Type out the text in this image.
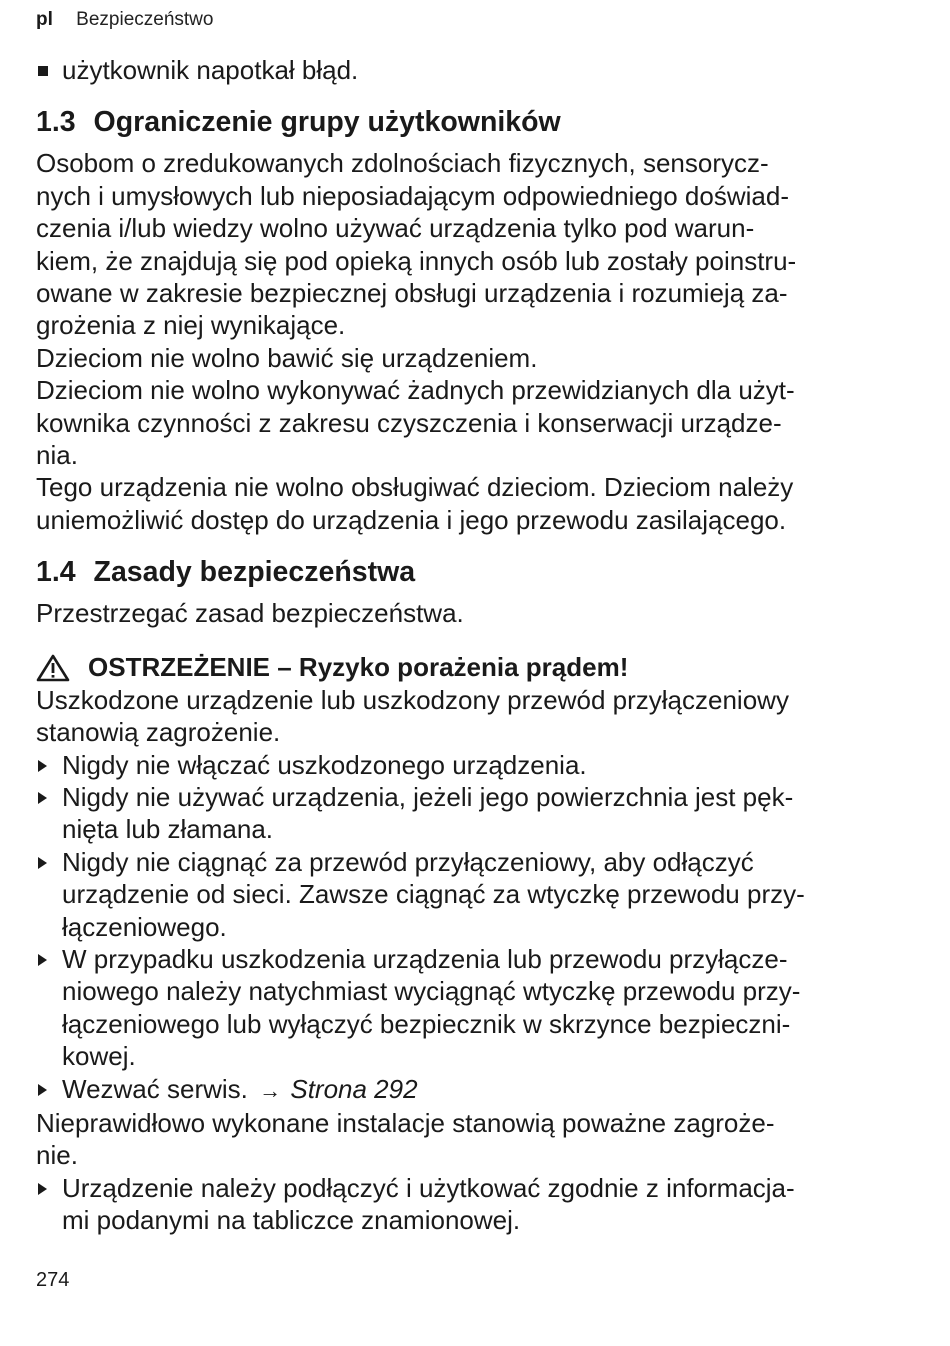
pl Bezpieczeństwo

użytkownik napotkał błąd.

1.3 Ograniczenie grupy użytkowników
Osobom o zredukowanych zdolnościach fizycznych, sensorycz-
nych i umysłowych lub nieposiadającym odpowiedniego doświad-
czenia i/lub wiedzy wolno używać urządzenia tylko pod warun-
kiem, że znajdują się pod opieką innych osób lub zostały poinstru-
owane w zakresie bezpiecznej obsługi urządzenia i rozumieją za-
grożenia z niej wynikające.
Dzieciom nie wolno bawić się urządzeniem.
Dzieciom nie wolno wykonywać żadnych przewidzianych dla użyt-
kownika czynności z zakresu czyszczenia i konserwacji urządze-
nia.
Tego urządzenia nie wolno obsługiwać dzieciom. Dzieciom należy
uniemożliwić dostęp do urządzenia i jego przewodu zasilającego.
1.4 Zasady bezpieczeństwa

Przestrzegać zasad bezpieczeństwa.

OSTRZEŻENIE – Ryzyko porażenia prądem!
Uszkodzone urządzenie lub uszkodzony przewód przyłączeniowy
stanowią zagrożenie.
Nigdy nie włączać uszkodzonego urządzenia.
Nigdy nie używać urządzenia, jeżeli jego powierzchnia jest pęk-
nięta lub złamana.
Nigdy nie ciągnąć za przewód przyłączeniowy, aby odłączyć
urządzenie od sieci. Zawsze ciągnąć za wtyczkę przewodu przy-
łączeniowego.
W przypadku uszkodzenia urządzenia lub przewodu przyłącze-
niowego należy natychmiast wyciągnąć wtyczkę przewodu przy-
łączeniowego lub wyłączyć bezpiecznik w skrzynce bezpieczni-
kowej.
Wezwać serwis. → Strona 292
Nieprawidłowo wykonane instalacje stanowią poważne zagroże-
nie.
Urządzenie należy podłączyć i użytkować zgodnie z informacja-
mi podanymi na tabliczce znamionowej.
274
